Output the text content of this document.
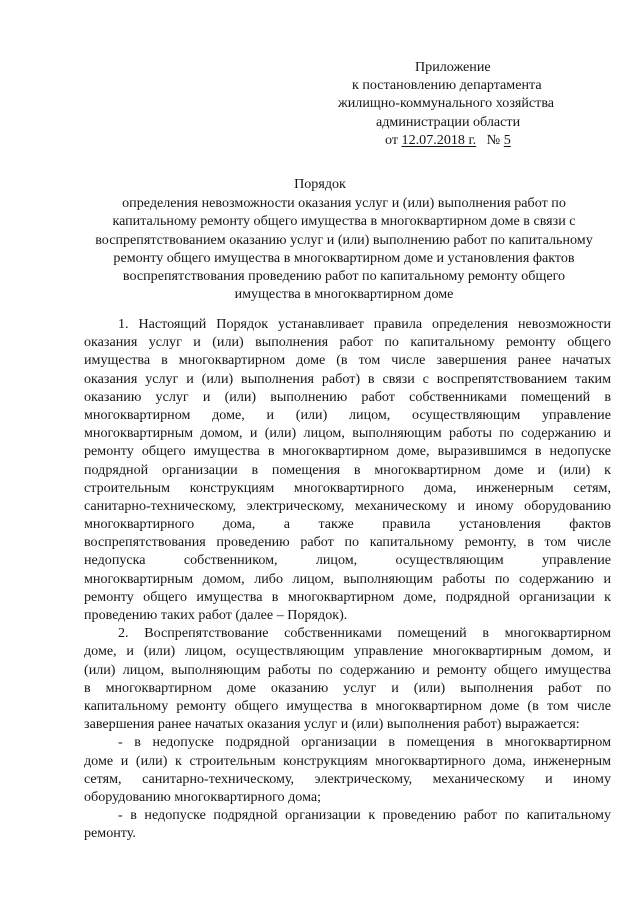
Приложение
к постановлению департамента
жилищно-коммунального хозяйства
администрации области
от 12.07.2018 г. № 5
Порядок
определения невозможности оказания услуг и (или) выполнения работ по
капитальному ремонту общего имущества в многоквартирном доме в связи с
воспрепятствованием оказанию услуг и (или) выполнению работ по капитальному
ремонту общего имущества в многоквартирном доме и установления фактов
воспрепятствования проведению работ по капитальному ремонту общего
имущества в многоквартирном доме
1. Настоящий Порядок устанавливает правила определения невозможности
оказания услуг и (или) выполнения работ по капитальному ремонту общего
имущества в многоквартирном доме (в том числе завершения ранее начатых
оказания услуг и (или) выполнения работ) в связи с воспрепятствованием таким
оказанию услуг и (или) выполнению работ собственниками помещений в
многоквартирном доме, и (или) лицом, осуществляющим управление
многоквартирным домом, и (или) лицом, выполняющим работы по содержанию и
ремонту общего имущества в многоквартирном доме, выразившимся в недопуске
подрядной организации в помещения в многоквартирном доме и (или) к
строительным конструкциям многоквартирного дома, инженерным сетям,
санитарно-техническому, электрическому, механическому и иному оборудованию
многоквартирного дома, а также правила установления фактов
воспрепятствования проведению работ по капитальному ремонту, в том числе
недопуска собственником, лицом, осуществляющим управление
многоквартирным домом, либо лицом, выполняющим работы по содержанию и
ремонту общего имущества в многоквартирном доме, подрядной организации к
проведению таких работ (далее – Порядок).
2. Воспрепятствование собственниками помещений в многоквартирном
доме, и (или) лицом, осуществляющим управление многоквартирным домом, и
(или) лицом, выполняющим работы по содержанию и ремонту общего имущества
в многоквартирном доме оказанию услуг и (или) выполнения работ по
капитальному ремонту общего имущества в многоквартирном доме (в том числе
завершения ранее начатых оказания услуг и (или) выполнения работ) выражается:
- в недопуске подрядной организации в помещения в многоквартирном
доме и (или) к строительным конструкциям многоквартирного дома, инженерным
сетям, санитарно-техническому, электрическому, механическому и иному
оборудованию многоквартирного дома;
- в недопуске подрядной организации к проведению работ по капитальному
ремонту.
